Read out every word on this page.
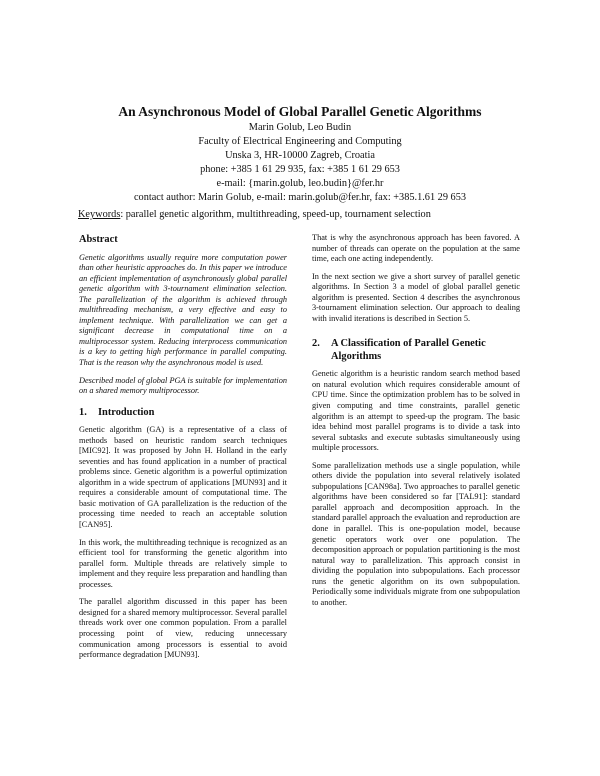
An Asynchronous Model of Global Parallel Genetic Algorithms
Marin Golub, Leo Budin
Faculty of Electrical Engineering and Computing
Unska 3, HR-10000 Zagreb, Croatia
phone: +385 1 61 29 935, fax: +385 1 61 29 653
e-mail: {marin.golub, leo.budin}@fer.hr
contact author: Marin Golub, e-mail: marin.golub@fer.hr, fax: +385.1.61 29 653
Keywords: parallel genetic algorithm, multithreading, speed-up, tournament selection
Abstract

Genetic algorithms usually require more computation power than other heuristic approaches do. In this paper we introduce an efficient implementation of asynchronously global parallel genetic algorithm with 3-tournament elimination selection. The parallelization of the algorithm is achieved through multithreading mechanism, a very effective and easy to implement technique. With parallelization we can get a significant decrease in computational time on a multiprocessor system. Reducing interprocess communication is a key to getting high performance in parallel computing. That is the reason why the asynchronous model is used.

Described model of global PGA is suitable for implementation on a shared memory multiprocessor.

1.	Introduction

Genetic algorithm (GA) is a representative of a class of methods based on heuristic random search techniques [MIC92]. It was proposed by John H. Holland in the early seventies and has found application in a number of practical problems since. Genetic algorithm is a powerful optimization algorithm in a wide spectrum of applications [MUN93] and it requires a considerable amount of computational time. The basic motivation of GA parallelization is the reduction of the processing time needed to reach an acceptable solution [CAN95].

In this work, the multithreading technique is recognized as an efficient tool for transforming the genetic algorithm into parallel form. Multiple threads are relatively simple to implement and they require less preparation and handling than processes.

The parallel algorithm discussed in this paper has been designed for a shared memory multiprocessor. Several parallel threads work over one common population. From a parallel processing point of view, reducing unnecessary communication among processors is essential to avoid performance degradation [MUN93].

That is why the asynchronous approach has been favored. A number of threads can operate on the population at the same time, each one acting independently.

In the next section we give a short survey of parallel genetic algorithms. In Section 3 a model of global parallel genetic algorithm is presented. Section 4 describes the asynchronous 3-tournament elimination selection. Our approach to dealing with invalid iterations is described in Section 5.

2.	A Classification of Parallel Genetic Algorithms

Genetic algorithm is a heuristic random search method based on natural evolution which requires considerable amount of CPU time. Since the optimization problem has to be solved in given computing and time constraints, parallel genetic algorithm is an attempt to speed-up the program. The basic idea behind most parallel programs is to divide a task into several subtasks and execute subtasks simultaneously using multiple processors.

Some parallelization methods use a single population, while others divide the population into several relatively isolated subpopulations [CAN98a]. Two approaches to parallel genetic algorithms have been considered so far [TAL91]: standard parallel approach and decomposition approach. In the standard parallel approach the evaluation and reproduction are done in parallel. This is one-population model, because genetic operators work over one population. The decomposition approach or population partitioning is the most natural way to parallelization. This approach consist in dividing the population into subpopulations. Each processor runs the genetic algorithm on its own subpopulation. Periodically some individuals migrate from one subpopulation to another.
